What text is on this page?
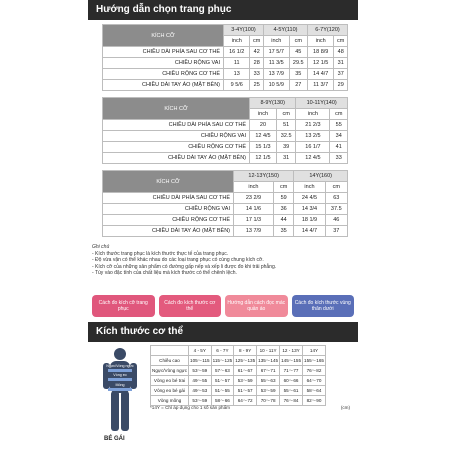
Hướng dẫn chọn trang phục
KÍCH CỠ	3-4Y(100)		4-5Y(110)		6-7Y(120)	
	inch	cm	inch	cm	inch	cm
CHIỀU DÀI PHÍA SAU CƠ THỂ	16 1/2	42	17 5/7	45	18 8/9	48
CHIỀU RỘNG VAI	11	28	11 3/5	29.5	12 1/5	31
CHIỀU RỘNG CƠ THỂ	13	33	13 7/9	35	14 4/7	37
CHIỀU DÀI TAY ÁO (MẶT BÊN)	9 5/6	25	10 5/9	27	11 3/7	29
KÍCH CỠ	8-9Y(130)		10-11Y(140)	
	inch	cm	inch	cm
CHIỀU DÀI PHÍA SAU CƠ THỂ	20	51	21 2/3	55
CHIỀU RỘNG VAI	12 4/5	32.5	13 2/5	34
CHIỀU RỘNG CƠ THỂ	15 1/3	39	16 1/7	41
CHIỀU DÀI TAY ÁO (MẶT BÊN)	12 1/5	31	12 4/5	33
KÍCH CỠ	12-13Y(150)		14Y(160)	
	inch	cm	inch	cm
CHIỀU DÀI PHÍA SAU CƠ THỂ	23 2/9	59	24 4/5	63
CHIỀU RỘNG VAI	14 1/6	36	14 3/4	37.5
CHIỀU RỘNG CƠ THỂ	17 1/3	44	18 1/9	46
CHIỀU DÀI TAY ÁO (MẶT BÊN)	13 7/9	35	14 4/7	37
Ghi chú
- Kích thước trang phục là kích thước thực tế của trang phục.
- Độ vừa vặn có thể khác nhau do các loại trang phục có cùng chung kích cỡ.
- Kích cỡ của những sản phẩm có đường gấp nếp và xếp li được đo khi trải phẳng.
- Tùy vào đặc tính của chất liệu mà kích thước có thể chênh lệch.
Cách đo kích cỡ trang phục
Cách đo kích thước cơ thể
Hướng dẫn cách đọc mác quần áo
Cách đo kích thước vùng thân dưới
Kích thước cơ thể
Ngực/Vòng ngực
Vòng eo
Mông
	4 - 5Y	6 - 7Y	8 - 9Y	10 - 11Y	12 - 13Y	14Y
Chiều cao	105〜115	115〜125	125〜135	135〜145	145〜155	155〜165
Ngực/Vòng ngực	53〜59	57〜63	61〜67	67〜71	71〜77	76〜82
Vòng eo bé trai	49〜55	51〜57	53〜59	55〜63	60〜66	64〜70
Vòng eo bé gái	49〜53	51〜55	51〜57	53〜59	55〜61	58〜64
Vòng mông	53〜59	58〜66	64〜72	70〜78	76〜84	82〜90
*14Y = Chỉ áp dụng cho 1 số sản phẩm	(cm)
BÉ GÁI
